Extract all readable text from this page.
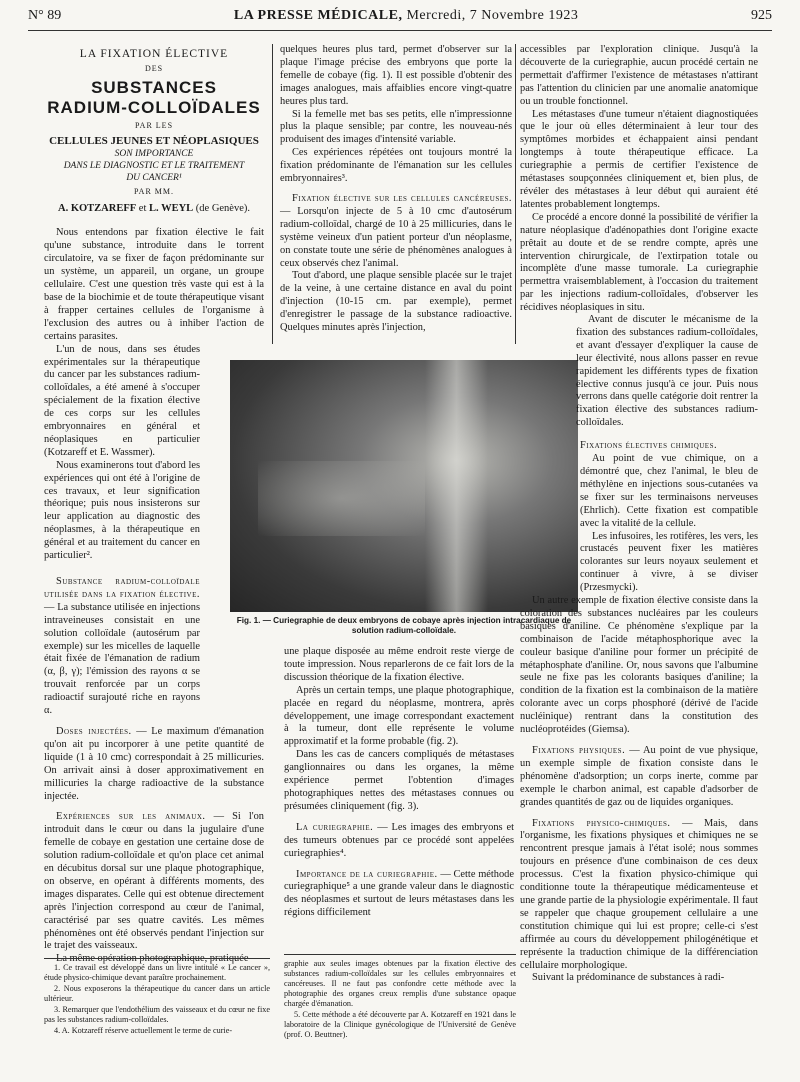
N° 89	LA PRESSE MÉDICALE, Mercredi, 7 Novembre 1923	925
LA FIXATION ÉLECTIVE
DES
SUBSTANCES
RADIUM-COLLOÏDALES
PAR LES
CELLULES JEUNES ET NÉOPLASIQUES
SON IMPORTANCE
DANS LE DIAGNOSTIC ET LE TRAITEMENT
DU CANCER¹
PAR MM.
A. KOTZAREFF et L. WEYL (de Genève).

Nous entendons par fixation élective le fait qu'une substance, introduite dans le torrent circulatoire, va se fixer de façon prédominante sur un système, un appareil, un organe, un groupe cellulaire. C'est une question très vaste qui est à la base de la biochimie et de toute thérapeutique visant à frapper certaines cellules de l'organisme à l'exclusion des autres ou à inhiber l'action de certains parasites.

L'un de nous, dans ses études expérimentales sur la thérapeutique du cancer par les substances radium-colloïdales, a été amené à s'occuper spécialement de la fixation élective de ces corps sur les cellules embryonnaires en général et néoplasiques en particulier (Kotzareff et E. Wassmer).

Nous examinerons tout d'abord les expériences qui ont été à l'origine de ces travaux, et leur signification théorique; puis nous insisterons sur leur application au diagnostic des néoplasmes, à la thérapeutique en général et au traitement du cancer en particulier².

Substance radium-colloïdale utilisée dans la fixation élective. — La substance utilisée en injections intraveineuses consistait en une solution colloïdale (autosérum par exemple) sur les micelles de laquelle était fixée de l'émanation de radium (α, β, γ); l'émission des rayons α se trouvait renforcée par un corps radioactif surajouté riche en rayons α.

Doses injectées. — Le maximum d'émanation qu'on ait pu incorporer à une petite quantité de liquide (1 à 10 cmc) correspondait à 25 millicuries. On arrivait ainsi à doser approximativement en millicuries la charge radioactive de la substance injectée.

Expériences sur les animaux. — Si l'on introduit dans le cœur ou dans la jugulaire d'une femelle de cobaye en gestation une certaine dose de solution radium-colloïdale et qu'on place cet animal en décubitus dorsal sur une plaque photographique, on observe, en opérant à différents moments, des images disparates. Celle qui est obtenue directement après l'injection correspond au cœur de l'animal, caractérisé par ses quatre cavités. Les mêmes phénomènes ont été observés pendant l'injection sur le trajet des vaisseaux.

La même opération photographique, pratiquée

quelques heures plus tard, permet d'observer sur la plaque l'image précise des embryons que porte la femelle de cobaye (fig. 1). Il est possible d'obtenir des images analogues, mais affaiblies encore vingt-quatre heures plus tard.

Si la femelle met bas ses petits, elle n'impressionne plus la plaque sensible; par contre, les nouveau-nés produisent des images d'intensité variable.

Ces expériences répétées ont toujours montré la fixation prédominante de l'émanation sur les cellules embryonnaires³.

Fixation élective sur les cellules cancéreuses. — Lorsqu'on injecte de 5 à 10 cmc d'autosérum radium-colloïdal, chargé de 10 à 25 millicuries, dans le système veineux d'un patient porteur d'un néoplasme, on constate toute une série de phénomènes analogues à ceux observés chez l'animal.

Tout d'abord, une plaque sensible placée sur le trajet de la veine, à une certaine distance en aval du point d'injection (10-15 cm. par exemple), permet d'enregistrer le passage de la substance radioactive. Quelques minutes après l'injection,

Fig. 1. — Curiegraphie de deux embryons de cobaye après injection intracardiaque de solution radium-colloïdale.

une plaque disposée au même endroit reste vierge de toute impression. Nous reparlerons de ce fait lors de la discussion théorique de la fixation élective.

Après un certain temps, une plaque photographique, placée en regard du néoplasme, montrera, après développement, une image correspondant exactement à la tumeur, dont elle représente le volume approximatif et la forme probable (fig. 2).

Dans les cas de cancers compliqués de métastases ganglionnaires ou dans les organes, la même expérience permet l'obtention d'images photographiques nettes des métastases connues ou présumées cliniquement (fig. 3).

La curiegraphie. — Les images des embryons et des tumeurs obtenues par ce procédé sont appelées curiegraphies⁴.

Importance de la curiegraphie. — Cette méthode curiegraphique⁵ a une grande valeur dans le diagnostic des néoplasmes et surtout de leurs métastases dans les régions difficilement

accessibles par l'exploration clinique. Jusqu'à la découverte de la curiegraphie, aucun procédé certain ne permettait d'affirmer l'existence de métastases n'attirant pas l'attention du clinicien par une anomalie anatomique ou un trouble fonctionnel.

Les métastases d'une tumeur n'étaient diagnostiquées que le jour où elles déterminaient à leur tour des symptômes morbides et échappaient ainsi pendant longtemps à toute thérapeutique efficace. La curiegraphie a permis de certifier l'existence de métastases soupçonnées cliniquement et, bien plus, de révéler des métastases à leur début qui auraient été latentes probablement longtemps.

Ce procédé a encore donné la possibilité de vérifier la nature néoplasique d'adénopathies dont l'origine exacte prêtait au doute et de se rendre compte, après une intervention chirurgicale, de l'extirpation totale ou incomplète d'une masse tumorale. La curiegraphie permettra vraisemblablement, à l'occasion du traitement par les injections radium-colloïdales, d'observer les récidives néoplasiques in situ.

Avant de discuter le mécanisme de la fixation des substances radium-colloïdales, et avant d'essayer d'expliquer la cause de leur électivité, nous allons passer en revue rapidement les différents types de fixation élective connus jusqu'à ce jour. Puis nous verrons dans quelle catégorie doit rentrer la fixation élective des substances radium-colloïdales.

Fixations électives chimiques.

Au point de vue chimique, on a démontré que, chez l'animal, le bleu de méthylène en injections sous-cutanées va se fixer sur les terminaisons nerveuses (Ehrlich). Cette fixation est compatible avec la vitalité de la cellule.

Les infusoires, les rotifères, les vers, les crustacés peuvent fixer les matières colorantes sur leurs noyaux seulement et continuer à vivre, à se diviser (Przesmycki).

Un autre exemple de fixation élective consiste dans la coloration des substances nucléaires par les couleurs basiques d'aniline. Ce phénomène s'explique par la combinaison de l'acide métaphosphorique avec la couleur basique d'aniline pour former un précipité de métaphosphate d'aniline. Or, nous savons que l'albumine seule ne fixe pas les colorants basiques d'aniline; la condition de la fixation est la combinaison de la matière colorante avec un corps phosphoré (dérivé de l'acide nucléinique) rentrant dans la constitution des nucléoprotéides (Giemsa).

Fixations physiques. — Au point de vue physique, un exemple simple de fixation consiste dans le phénomène d'adsorption; un corps inerte, comme par exemple le charbon animal, est capable d'adsorber de grandes quantités de gaz ou de liquides organiques.

Fixations physico-chimiques. — Mais, dans l'organisme, les fixations physiques et chimiques ne se rencontrent presque jamais à l'état isolé; nous sommes toujours en présence d'une combinaison de ces deux processus. C'est la fixation physico-chimique qui conditionne toute la thérapeutique médicamenteuse et une grande partie de la physiologie expérimentale. Il faut se rappeler que chaque groupement cellulaire a une constitution chimique qui lui est propre; celle-ci s'est affirmée au cours du développement philogénétique et représente la traduction chimique de la différenciation cellulaire morphologique.

Suivant la prédominance de substances à radi-

1. Ce travail est développé dans un livre intitulé « Le cancer », étude physico-chimique devant paraître prochainement.

2. Nous exposerons la thérapeutique du cancer dans un article ultérieur.

3. Remarquer que l'endothélium des vaisseaux et du cœur ne fixe pas les substances radium-colloïdales.

4. A. Kotzareff réserve actuellement le terme de curie-

graphie aux seules images obtenues par la fixation élective des substances radium-colloïdales sur les cellules embryonnaires et cancéreuses. Il ne faut pas confondre cette méthode avec la photographie des organes creux remplis d'une substance opaque chargée d'émanation.

5. Cette méthode a été découverte par A. Kotzareff en 1921 dans le laboratoire de la Clinique gynécologique de l'Université de Genève (prof. O. Beuttner).
